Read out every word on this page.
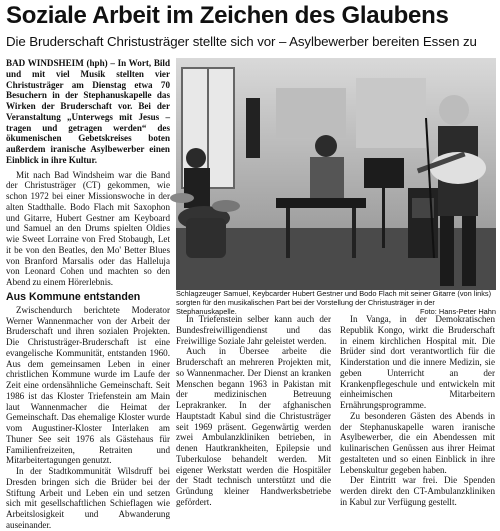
Soziale Arbeit im Zeichen des Glaubens
Die Bruderschaft Christusträger stellte sich vor – Asylbewerber bereiten Essen zu

BAD WINDSHEIM (hph) – In Wort, Bild und mit viel Musik stellten vier Christusträger am Dienstag etwa 70 Besuchern in der Stephanuskapelle das Wirken der Bruderschaft vor. Bei der Veranstaltung „Unterwegs mit Jesus – tragen und getragen werden“ des ökumenischen Gebetskreises boten außerdem iranische Asylbewerber einen Einblick in ihre Kultur.

Mit nach Bad Windsheim war die Band der Christusträger (CT) gekommen, wie schon 1972 bei einer Missionswoche in der alten Stadthalle. Bodo Flach mit Saxophon und Gitarre, Hubert Gestner am Keyboard und Samuel an den Drums spielten Oldies wie Sweet Lorraine von Fred Stobaugh, Let it be von den Beatles, den Mo' Better Blues von Branford Marsalis oder das Halleluja von Leonard Cohen und machten so den Abend zu einem Hörerlebnis.

Aus Kommune entstanden

Zwischendurch berichtete Moderator Werner Wannenmacher von der Arbeit der Bruderschaft und ihren sozialen Projekten. Die Christusträger-Bruderschaft ist eine evangelische Kommunität, entstanden 1960. Aus dem gemeinsamen Leben in einer christlichen Kommune wurde im Laufe der Zeit eine ordensähnliche Gemeinschaft. Seit 1986 ist das Kloster Triefenstein am Main laut Wannenmacher die Heimat der Gemeinschaft. Das ehemalige Kloster wurde vom Augustiner-Kloster Interlaken am Thuner See seit 1976 als Gästehaus für Familienfreizeiten, Retraiten und Mitarbeitertagungen genutzt.

In der Stadtkommunität Wilsdruff bei Dresden bringen sich die Brüder bei der Stiftung Arbeit und Leben ein und setzen sich mit gesellschaftlichen Schieflagen wie Arbeitslosigkeit und Abwanderung auseinander.

Schlagzeuger Samuel, Keybcarder Hubert Gestner und Bodo Flach mit seiner Gitarre (von links) sorgten für den musikalischen Part bei der Vorstellung der Christusträger in der Stephanuskapelle.	Foto: Hans-Peter Hahn

In Triefenstein selber kann auch der Bundesfreiwilligendienst und das Freiwillige Soziale Jahr geleistet werden.

Auch in Übersee arbeite die Bruderschaft an mehreren Projekten mit, so Wannenmacher. Der Dienst an kranken Menschen begann 1963 in Pakistan mit der medizinischen Betreuung Leprakranker. In der afghanischen Hauptstadt Kabul sind die Christusträger seit 1969 präsent. Gegenwärtig werden zwei Ambulanzkliniken betrieben, in denen Hautkrankheiten, Epilepsie und Tuberkulose behandelt werden. Mit eigener Werkstatt werden die Hospitäler der Stadt technisch unterstützt und die Gründung kleiner Handwerksbetriebe gefördert.

In Vanga, in der Demokratischen Republik Kongo, wirkt die Bruderschaft in einem kirchlichen Hospital mit. Die Brüder sind dort verantwortlich für die Kinderstation und die innere Medizin, sie geben Unterricht an der Krankenpflegeschule und entwickeln mit einheimischen Mitarbeitern Ernährungsprogramme.

Zu besonderen Gästen des Abends in der Stephanuskapelle waren iranische Asylbewerber, die ein Abendessen mit kulinarischen Genüssen aus ihrer Heimat gestalteten und so einen Einblick in ihre Lebenskultur gegeben haben.

Der Eintritt war frei. Die Spenden werden direkt den CT-Ambulanzkliniken in Kabul zur Verfügung gestellt.
